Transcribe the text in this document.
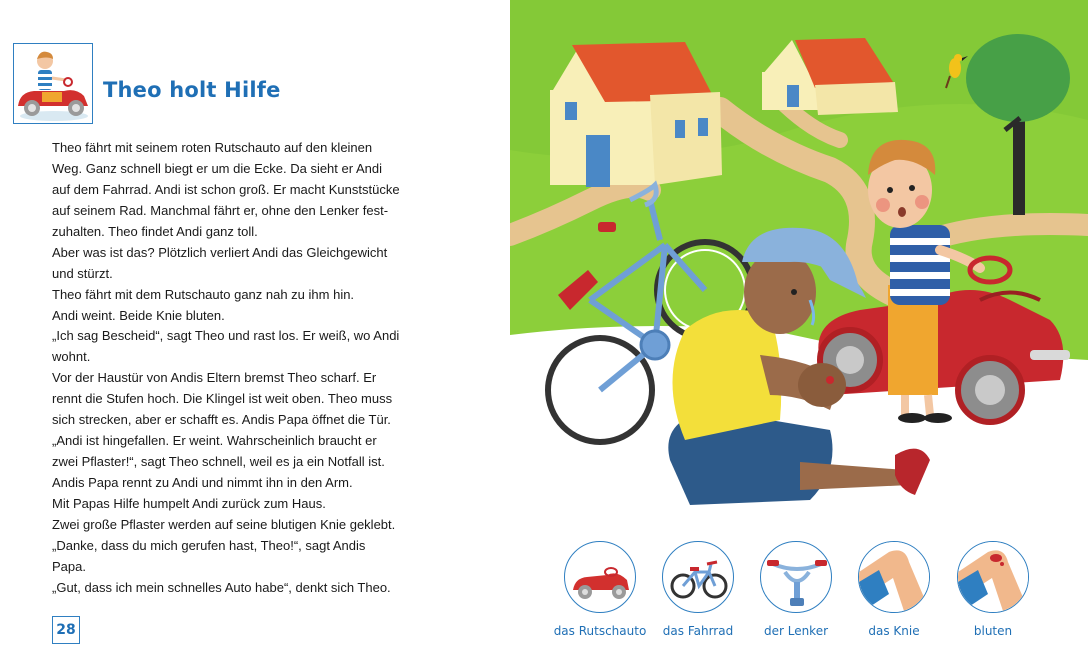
Theo holt Hilfe
Theo fährt mit seinem roten Rutschauto auf den kleinen
Weg. Ganz schnell biegt er um die Ecke. Da sieht er Andi
auf dem Fahrrad. Andi ist schon groß. Er macht Kunststücke
auf seinem Rad. Manchmal fährt er, ohne den Lenker fest-
zuhalten. Theo findet Andi ganz toll.
Aber was ist das? Plötzlich verliert Andi das Gleichgewicht
und stürzt.
Theo fährt mit dem Rutschauto ganz nah zu ihm hin.
Andi weint. Beide Knie bluten.
„Ich sag Bescheid“, sagt Theo und rast los. Er weiß, wo Andi
wohnt.
Vor der Haustür von Andis Eltern bremst Theo scharf. Er
rennt die Stufen hoch. Die Klingel ist weit oben. Theo muss
sich strecken, aber er schafft es. Andis Papa öffnet die Tür.
„Andi ist hingefallen. Er weint. Wahrscheinlich braucht er
zwei Pflaster!“, sagt Theo schnell, weil es ja ein Notfall ist.
Andis Papa rennt zu Andi und nimmt ihn in den Arm.
Mit Papas Hilfe humpelt Andi zurück zum Haus.
Zwei große Pflaster werden auf seine blutigen Knie geklebt.
„Danke, dass du mich gerufen hast, Theo!“, sagt Andis
Papa.
„Gut, dass ich mein schnelles Auto habe“, denkt sich Theo.
28	das Rutschauto	das Fahrrad	der Lenker	das Knie	bluten
